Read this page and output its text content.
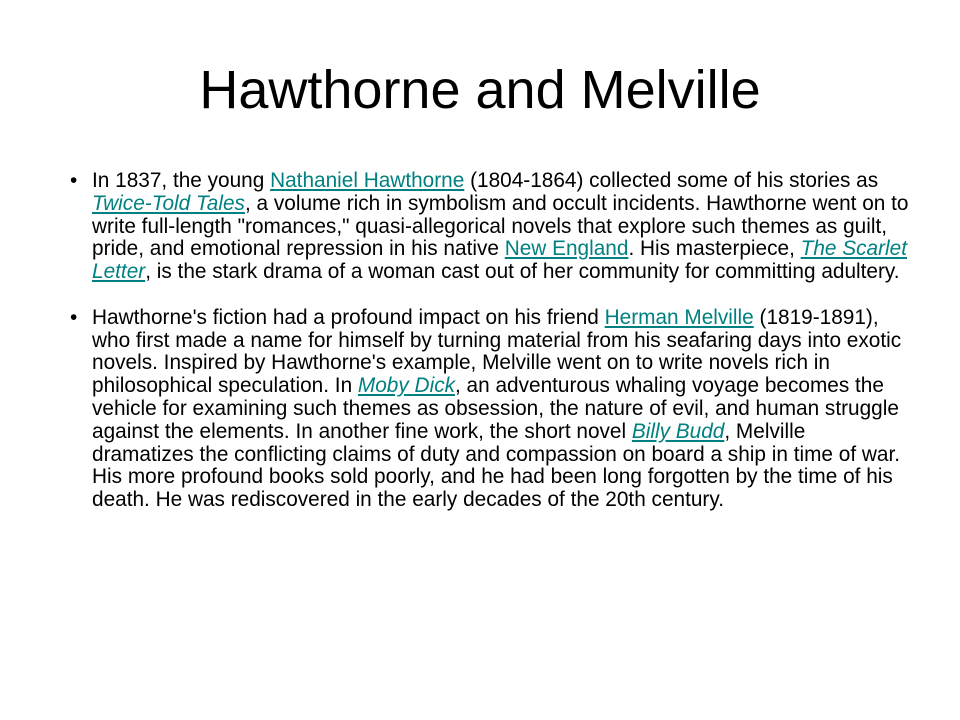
Hawthorne and Melville
• In 1837, the young Nathaniel Hawthorne (1804-1864) collected some of his stories as Twice-Told Tales, a volume rich in symbolism and occult incidents. Hawthorne went on to write full-length "romances," quasi-allegorical novels that explore such themes as guilt, pride, and emotional repression in his native New England. His masterpiece, The Scarlet Letter, is the stark drama of a woman cast out of her community for committing adultery.
• Hawthorne's fiction had a profound impact on his friend Herman Melville (1819-1891), who first made a name for himself by turning material from his seafaring days into exotic novels. Inspired by Hawthorne's example, Melville went on to write novels rich in philosophical speculation. In Moby Dick, an adventurous whaling voyage becomes the vehicle for examining such themes as obsession, the nature of evil, and human struggle against the elements. In another fine work, the short novel Billy Budd, Melville dramatizes the conflicting claims of duty and compassion on board a ship in time of war. His more profound books sold poorly, and he had been long forgotten by the time of his death. He was rediscovered in the early decades of the 20th century.
